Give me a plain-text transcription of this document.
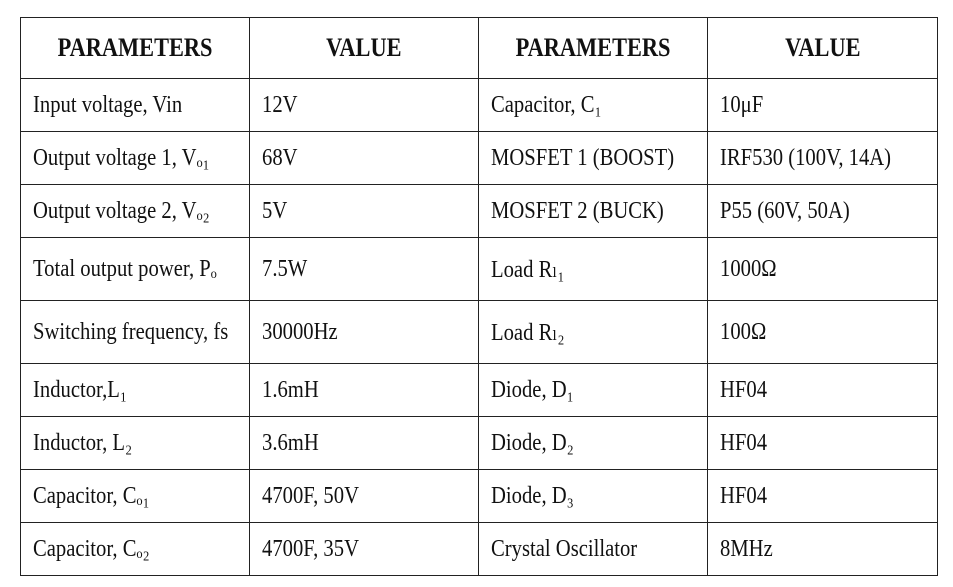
PARAMETERS	VALUE	PARAMETERS	VALUE
Input voltage, Vin	12V	Capacitor, C₁	10μF
Output voltage 1, Vₒ₁	68V	MOSFET 1 (BOOST)	IRF530 (100V, 14A)
Output voltage 2, Vₒ₂	5V	MOSFET 2 (BUCK)	P55 (60V, 50A)
Total output power, Pₒ	7.5W	Load Rₗ₁	1000Ω
Switching frequency, fs	30000Hz	Load Rₗ₂	100Ω
Inductor,L₁	1.6mH	Diode, D₁	HF04
Inductor, L₂	3.6mH	Diode, D₂	HF04
Capacitor, Cₒ₁	4700F, 50V	Diode, D₃	HF04
Capacitor, Cₒ₂	4700F, 35V	Crystal Oscillator	8MHz
